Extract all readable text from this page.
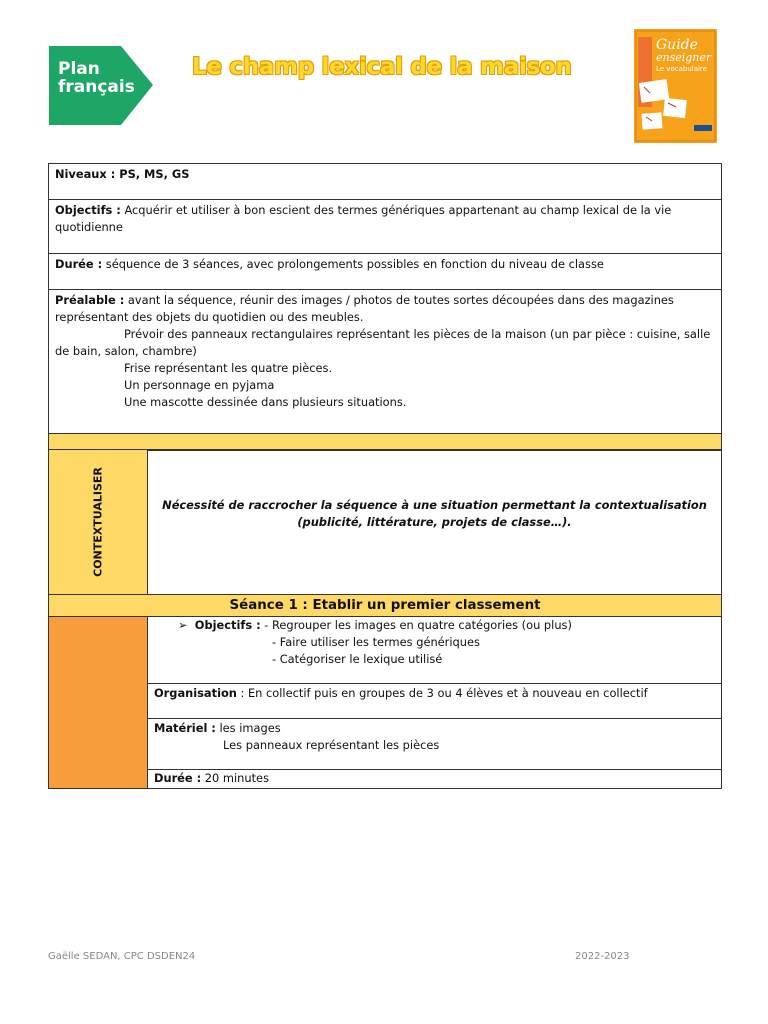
Plan
français
Le champ lexical de la maison
Guide
enseigner
Le vocabulaire
Niveaux : PS, MS, GS
Objectifs : Acquérir et utiliser à bon escient des termes génériques appartenant au champ lexical de la vie quotidienne
Durée : séquence de 3 séances, avec prolongements possibles en fonction du niveau de classe
Préalable : avant la séquence, réunir des images / photos de toutes sortes découpées dans des magazines représentant des objets du quotidien ou des meubles.
Prévoir des panneaux rectangulaires représentant les pièces de la maison (un par pièce : cuisine, salle de bain, salon, chambre)
Frise représentant les quatre pièces.
Un personnage en pyjama
Une mascotte dessinée dans plusieurs situations.
CONTEXTUALISER	Nécessité de raccrocher la séquence à une situation permettant la contextualisation
(publicité, littérature, projets de classe…).
Séance 1 : Etablir un premier classement
➢ Objectifs : - Regrouper les images en quatre catégories (ou plus)
- Faire utiliser les termes génériques
- Catégoriser le lexique utilisé
Organisation : En collectif puis en groupes de 3 ou 4 élèves et à nouveau en collectif
Matériel : les images
Les panneaux représentant les pièces
Durée : 20 minutes
Gaëlle SEDAN, CPC DSDEN24	2022-2023
